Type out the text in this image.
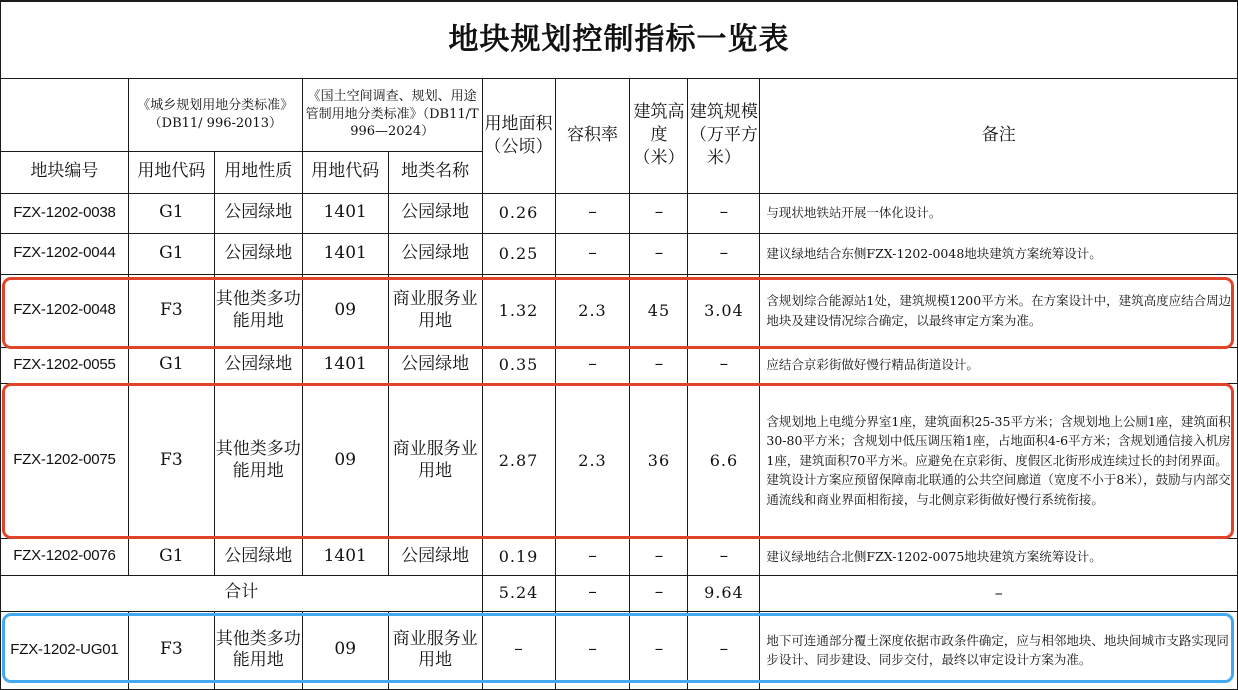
地块规划控制指标一览表									
	《城乡规划用地分类标准》（DB11/ 996-2013）		《国土空间调查、规划、用途管制用地分类标准》（DB11/T 996—2024）		用地面积（公顷）	容积率	建筑高度（米）	建筑规模（万平方米）	备注
地块编号	用地代码	用地性质	用地代码	地类名称					
FZX-1202-0038	G1	公园绿地	1401	公园绿地	0.26	–	–	–	与现状地铁站开展一体化设计。
FZX-1202-0044	G1	公园绿地	1401	公园绿地	0.25	–	–	–	建议绿地结合东侧FZX-1202-0048地块建筑方案统筹设计。
FZX-1202-0048	F3	其他类多功能用地	09	商业服务业用地	1.32	2.3	45	3.04	含规划综合能源站1处，建筑规模1200平方米。在方案设计中，建筑高度应结合周边地块及建设情况综合确定，以最终审定方案为准。
FZX-1202-0055	G1	公园绿地	1401	公园绿地	0.35	–	–	–	应结合京彩街做好慢行精品街道设计。
FZX-1202-0075	F3	其他类多功能用地	09	商业服务业用地	2.87	2.3	36	6.6	含规划地上电缆分界室1座，建筑面积25-35平方米；含规划地上公厕1座，建筑面积30-80平方米；含规划中低压调压箱1座，占地面积4-6平方米；含规划通信接入机房1座，建筑面积70平方米。应避免在京彩街、度假区北街形成连续过长的封闭界面。建筑设计方案应预留保障南北联通的公共空间廊道（宽度不小于8米），鼓励与内部交通流线和商业界面相衔接，与北侧京彩街做好慢行系统衔接。
FZX-1202-0076	G1	公园绿地	1401	公园绿地	0.19	–	–	–	建议绿地结合北侧FZX-1202-0075地块建筑方案统筹设计。
合计					5.24	–	–	9.64	–
FZX-1202-UG01	F3	其他类多功能用地	09	商业服务业用地	–	–	–	–	地下可连通部分覆土深度依据市政条件确定，应与相邻地块、地块间城市支路实现同步设计、同步建设、同步交付，最终以审定设计方案为准。
